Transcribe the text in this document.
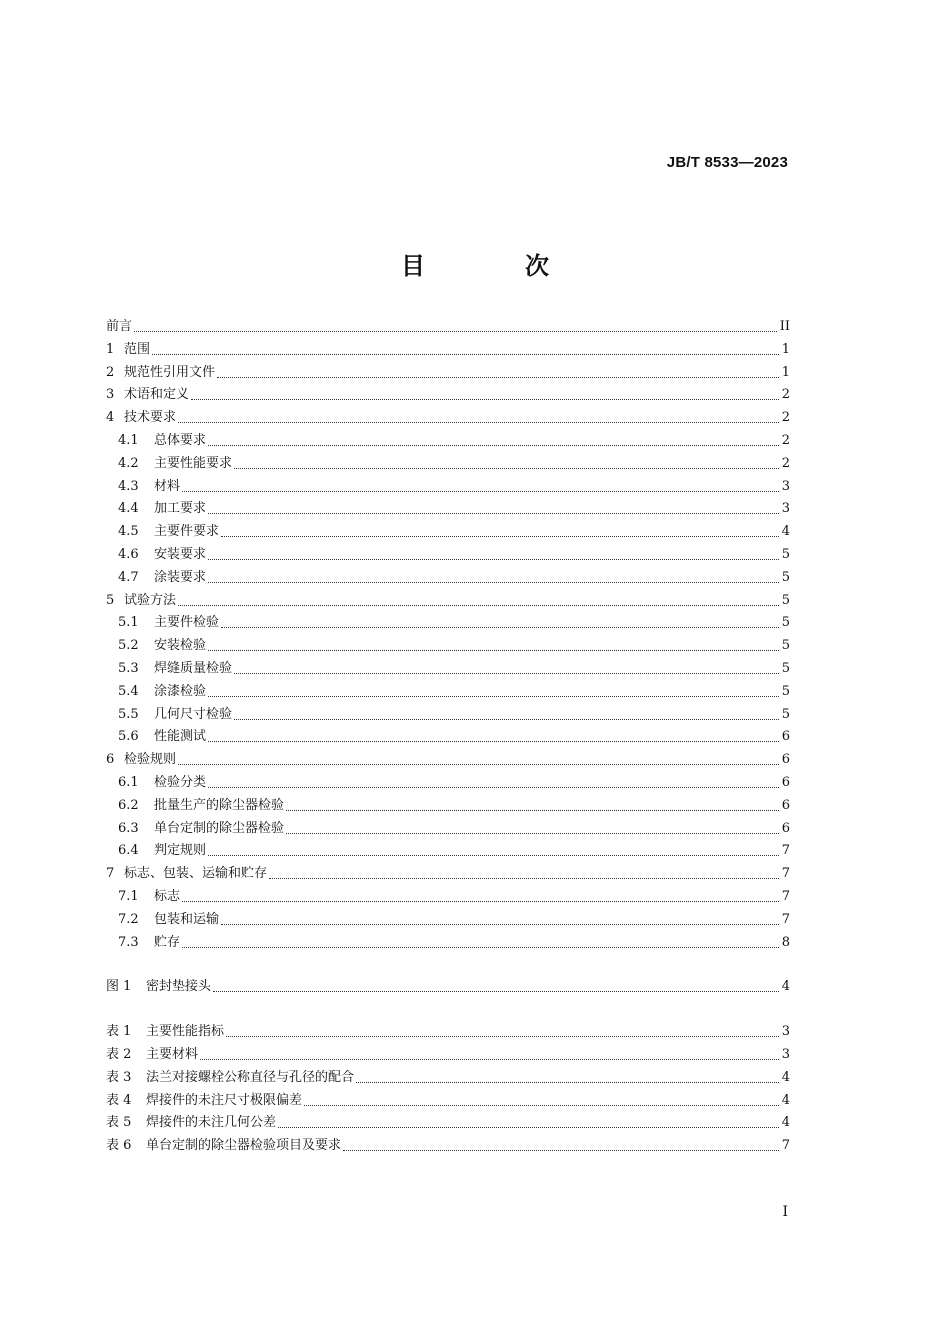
JB/T 8533—2023
目　次
前言	II
1 范围	1
2 规范性引用文件	1
3 术语和定义	2
4 技术要求	2
4.1	总体要求	2
4.2	主要性能要求	2
4.3	材料	3
4.4	加工要求	3
4.5	主要件要求	4
4.6	安装要求	5
4.7	涂装要求	5
5 试验方法	5
5.1	主要件检验	5
5.2	安装检验	5
5.3	焊缝质量检验	5
5.4	涂漆检验	5
5.5	几何尺寸检验	5
5.6	性能测试	6
6 检验规则	6
6.1	检验分类	6
6.2	批量生产的除尘器检验	6
6.3	单台定制的除尘器检验	6
6.4	判定规则	7
7 标志、包装、运输和贮存	7
7.1	标志	7
7.2	包装和运输	7
7.3	贮存	8
图 1	密封垫接头	4
表 1	主要性能指标	3
表 2	主要材料	3
表 3	法兰对接螺栓公称直径与孔径的配合	4
表 4	焊接件的未注尺寸极限偏差	4
表 5	焊接件的未注几何公差	4
表 6	单台定制的除尘器检验项目及要求	7
I
